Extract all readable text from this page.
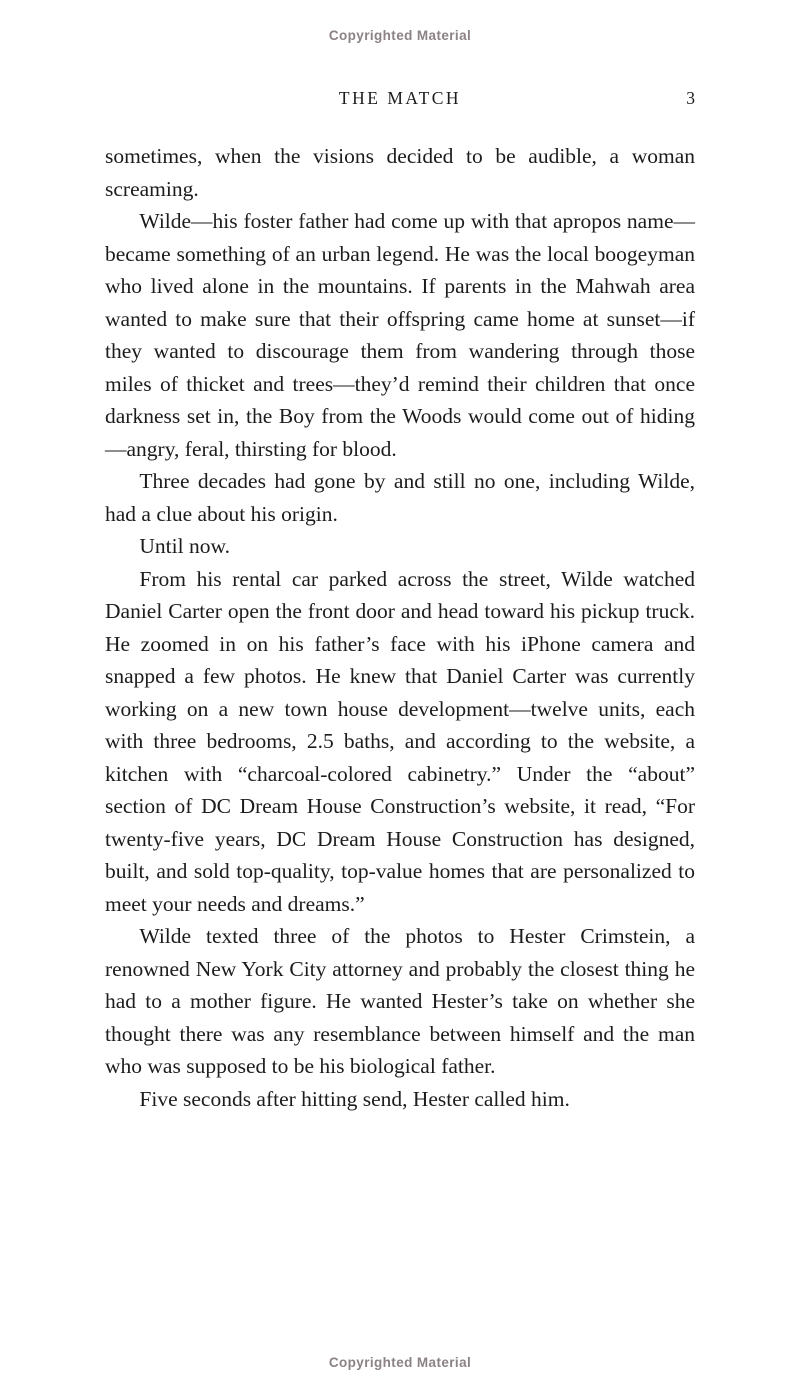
Copyrighted Material
THE MATCH	3

sometimes, when the visions decided to be audible, a woman screaming.

Wilde—his foster father had come up with that apropos name—became something of an urban legend. He was the local boogeyman who lived alone in the mountains. If parents in the Mahwah area wanted to make sure that their offspring came home at sunset—if they wanted to discourage them from wandering through those miles of thicket and trees—they’d remind their children that once darkness set in, the Boy from the Woods would come out of hiding—angry, feral, thirsting for blood.

Three decades had gone by and still no one, including Wilde, had a clue about his origin.

Until now.

From his rental car parked across the street, Wilde watched Daniel Carter open the front door and head toward his pickup truck. He zoomed in on his father’s face with his iPhone camera and snapped a few photos. He knew that Daniel Carter was currently working on a new town house development—twelve units, each with three bedrooms, 2.5 baths, and according to the website, a kitchen with “charcoal-colored cabinetry.” Under the “about” section of DC Dream House Construction’s website, it read, “For twenty-five years, DC Dream House Construction has designed, built, and sold top-quality, top-value homes that are personalized to meet your needs and dreams.”

Wilde texted three of the photos to Hester Crimstein, a renowned New York City attorney and probably the closest thing he had to a mother figure. He wanted Hester’s take on whether she thought there was any resemblance between himself and the man who was supposed to be his biological father.

Five seconds after hitting send, Hester called him.

Copyrighted Material
